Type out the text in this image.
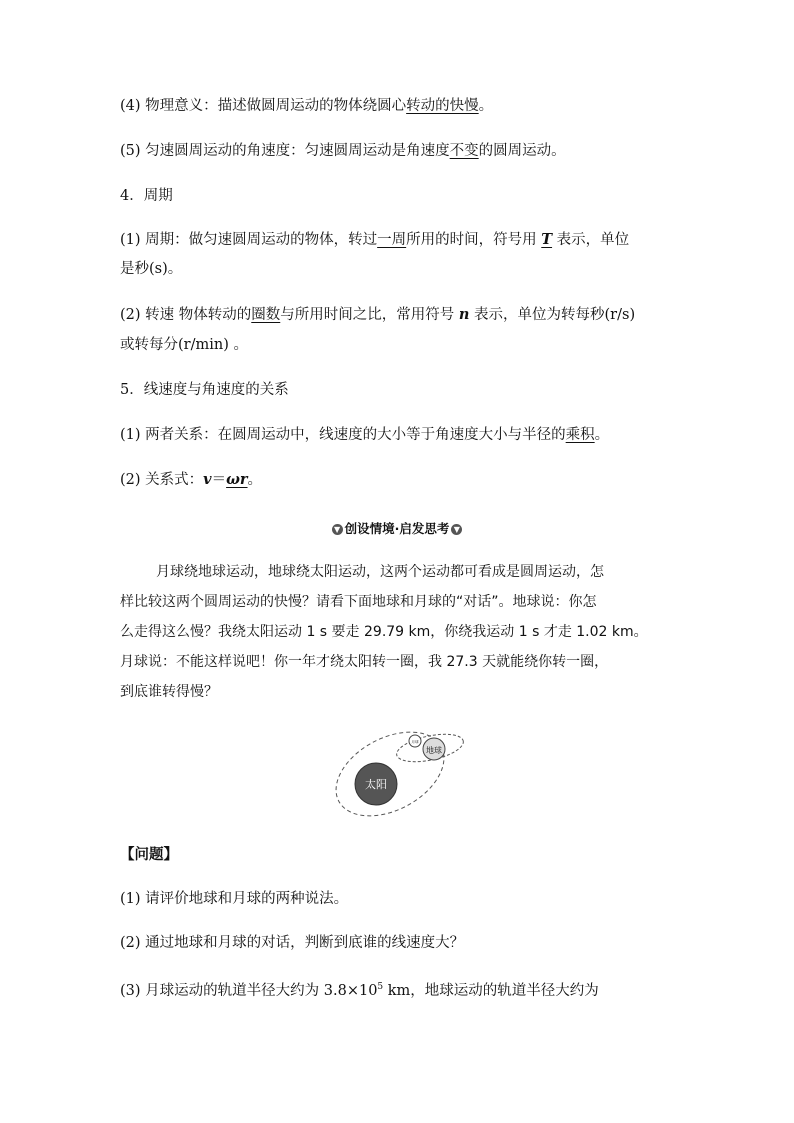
(4) 物理意义：描述做圆周运动的物体绕圆心转动的快慢。
(5) 匀速圆周运动的角速度：匀速圆周运动是角速度不变的圆周运动。
4．周期
(1) 周期：做匀速圆周运动的物体，转过一周所用的时间，符号用 T 表示，单位
是秒(s)。
(2) 转速 物体转动的圈数与所用时间之比，常用符号 n 表示，单位为转每秒(r/s)
或转每分(r/min) 。
5．线速度与角速度的关系
(1) 两者关系：在圆周运动中，线速度的大小等于角速度大小与半径的乘积。
(2) 关系式：v＝ωr。
▼ 创设情境·启发思考 ▼
月球绕地球运动，地球绕太阳运动，这两个运动都可看成是圆周运动，怎
样比较这两个圆周运动的快慢？请看下面地球和月球的“对话”。地球说：你怎
么走得这么慢？我绕太阳运动 1 s 要走 29.79 km，你绕我运动 1 s 才走 1.02 km。
月球说：不能这样说吧！你一年才绕太阳转一圈，我 27.3 天就能绕你转一圈，
到底谁转得慢？
太阳
地球
月球
【问题】
(1) 请评价地球和月球的两种说法。
(2) 通过地球和月球的对话，判断到底谁的线速度大？
(3) 月球运动的轨道半径大约为 $3.8\times 10^5$ km，地球运动的轨道半径大约为
